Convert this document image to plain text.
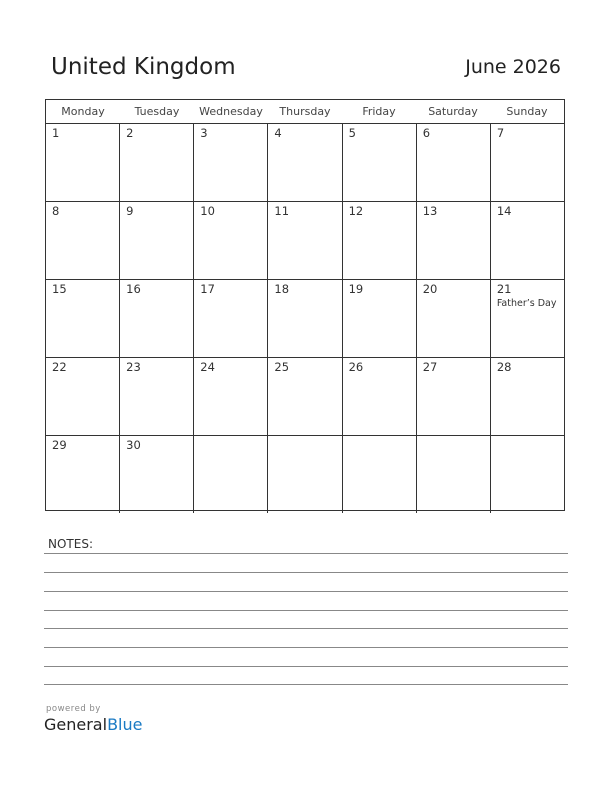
United Kingdom	June 2026
Monday	Tuesday	Wednesday	Thursday	Friday	Saturday	Sunday
1	2	3	4	5	6	7
8	9	10	11	12	13	14
15	16	17	18	19	20	21
Father’s Day
22	23	24	25	26	27	28
29	30
NOTES:
powered by
GeneralBlue
